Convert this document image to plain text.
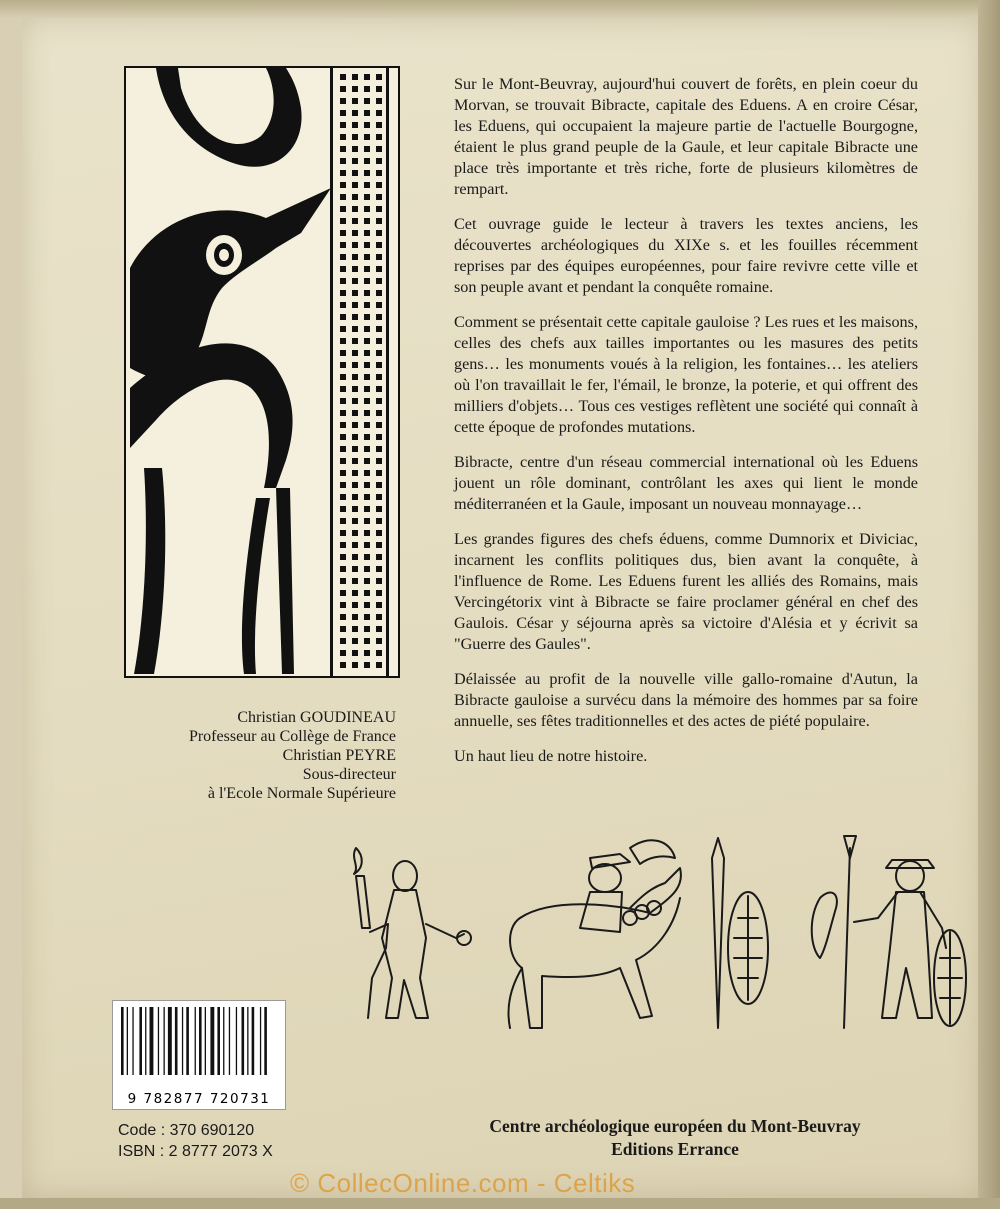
Sur le Mont-Beuvray, aujourd'hui couvert de forêts, en plein coeur du Morvan, se trouvait Bibracte, capitale des Eduens. A en croire César, les Eduens, qui occupaient la majeure partie de l'actuelle Bourgogne, étaient le plus grand peuple de la Gaule, et leur capitale Bibracte une place très importante et très riche, forte de plusieurs kilomètres de rempart.

Cet ouvrage guide le lecteur à travers les textes anciens, les découvertes archéologiques du XIXe s. et les fouilles récemment reprises par des équipes européennes, pour faire revivre cette ville et son peuple avant et pendant la conquête romaine.

Comment se présentait cette capitale gauloise ? Les rues et les maisons, celles des chefs aux tailles importantes ou les masures des petits gens… les monuments voués à la religion, les fontaines… les ateliers où l'on travaillait le fer, l'émail, le bronze, la poterie, et qui offrent des milliers d'objets… Tous ces vestiges reflètent une société qui connaît à cette époque de profondes mutations.

Bibracte, centre d'un réseau commercial international où les Eduens jouent un rôle dominant, contrôlant les axes qui lient le monde méditerranéen et la Gaule, imposant un nouveau monnayage…

Les grandes figures des chefs éduens, comme Dumnorix et Diviciac, incarnent les conflits politiques dus, bien avant la conquête, à l'influence de Rome. Les Eduens furent les alliés des Romains, mais Vercingétorix vint à Bibracte se faire proclamer général en chef des Gaulois. César y séjourna après sa victoire d'Alésia et y écrivit sa "Guerre des Gaules".

Délaissée au profit de la nouvelle ville gallo-romaine d'Autun, la Bibracte gauloise a survécu dans la mémoire des hommes par sa foire annuelle, ses fêtes traditionnelles et des actes de piété populaire.

Un haut lieu de notre histoire.

Christian GOUDINEAU
Professeur au Collège de France
Christian PEYRE
Sous-directeur
à l'Ecole Normale Supérieure
9 782877 720731
Code : 370 690120
ISBN : 2 8777 2073 X
Centre archéologique européen du Mont-Beuvray
Editions Errance
© CollecOnline.com - Celtiks
